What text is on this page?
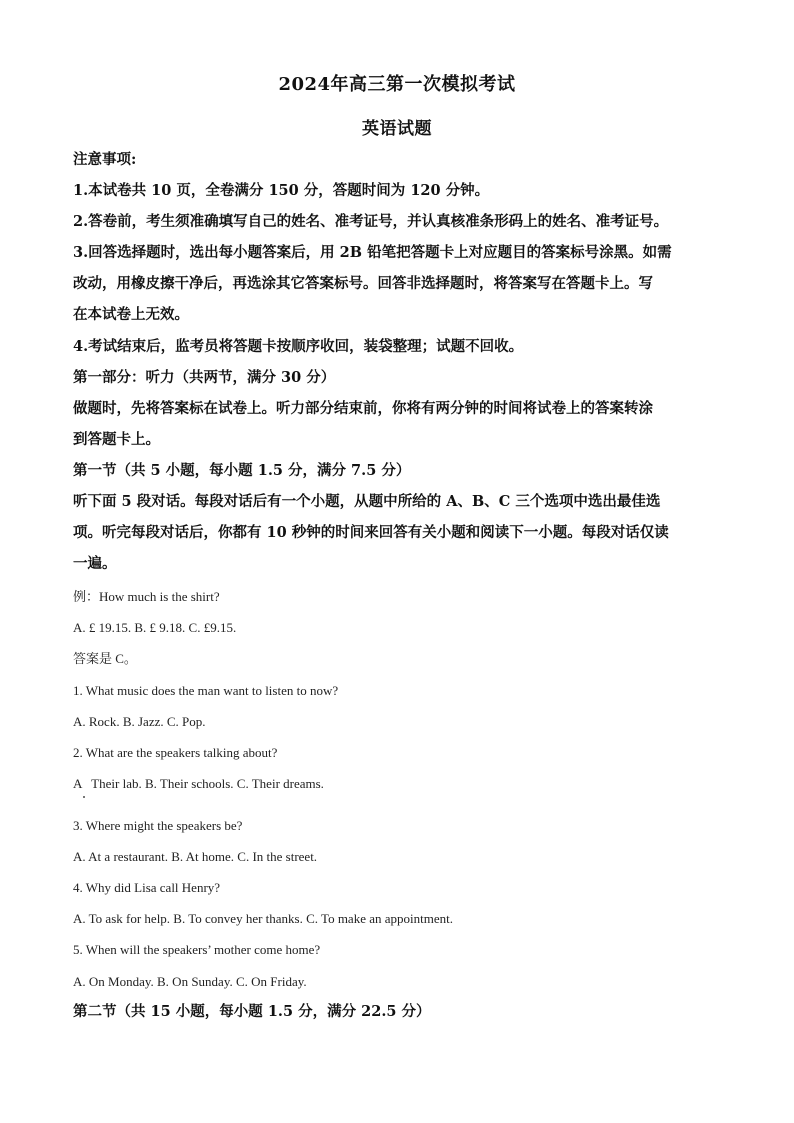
2024年高三第一次模拟考试
英语试题
注意事项:
1.本试卷共 10 页，全卷满分 150 分，答题时间为 120 分钟。
2.答卷前，考生须准确填写自己的姓名、准考证号，并认真核准条形码上的姓名、准考证号。
3.回答选择题时，选出每小题答案后，用 2B 铅笔把答题卡上对应题目的答案标号涂黑。如需
改动，用橡皮擦干净后，再选涂其它答案标号。回答非选择题时，将答案写在答题卡上。写
在本试卷上无效。
4.考试结束后，监考员将答题卡按顺序收回，装袋整理；试题不回收。
第一部分：听力（共两节，满分 30 分）
做题时，先将答案标在试卷上。听力部分结束前，你将有两分钟的时间将试卷上的答案转涂
到答题卡上。
第一节（共 5 小题，每小题 1.5 分，满分 7.5 分）
听下面 5 段对话。每段对话后有一个小题，从题中所给的 A、B、C 三个选项中选出最佳选
项。听完每段对话后，你都有 10 秒钟的时间来回答有关小题和阅读下一小题。每段对话仅读
一遍。
例：How much is the shirt?
A. £ 19.15. B. £ 9.18. C. £9.15.
答案是 C。
1. What music does the man want to listen to now?
A. Rock. B. Jazz. C. Pop.
2. What are the speakers talking about?
A   Their lab. B. Their schools. C. Their dreams.
3. Where might the speakers be?
A. At a restaurant. B. At home. C. In the street.
4. Why did Lisa call Henry?
A. To ask for help. B. To convey her thanks. C. To make an appointment.
5. When will the speakers’ mother come home?
A. On Monday. B. On Sunday. C. On Friday.
第二节（共 15 小题，每小题 1.5 分，满分 22.5 分）
